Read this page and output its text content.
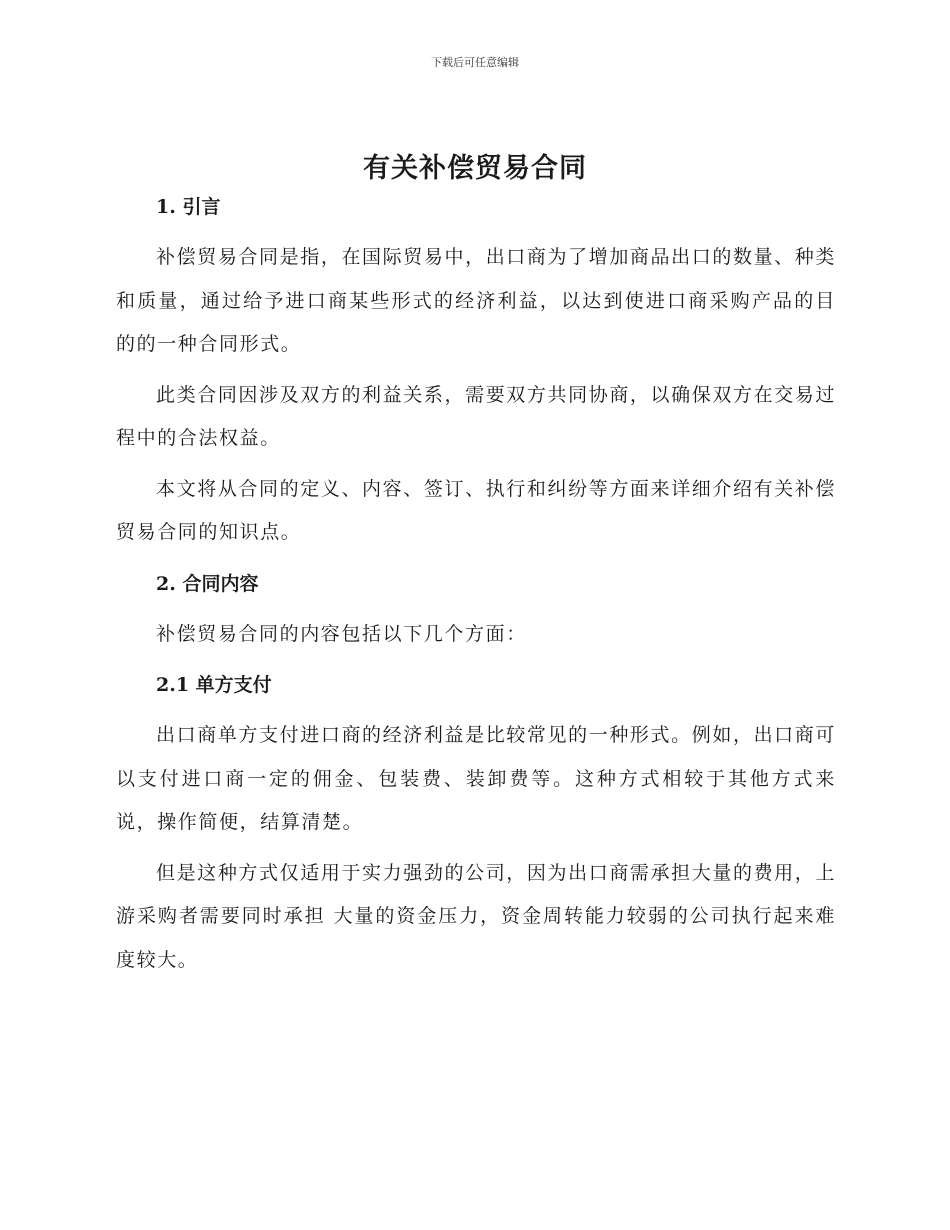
下载后可任意编辑
有关补偿贸易合同
1. 引言

补偿贸易合同是指，在国际贸易中，出口商为了增加商品出口的数量、种类和质量，通过给予进口商某些形式的经济利益，以达到使进口商采购产品的目的的一种合同形式。

此类合同因涉及双方的利益关系，需要双方共同协商，以确保双方在交易过程中的合法权益。

本文将从合同的定义、内容、签订、执行和纠纷等方面来详细介绍有关补偿贸易合同的知识点。

2. 合同内容

补偿贸易合同的内容包括以下几个方面：

2.1 单方支付

出口商单方支付进口商的经济利益是比较常见的一种形式。例如，出口商可以支付进口商一定的佣金、包装费、装卸费等。这种方式相较于其他方式来说，操作简便，结算清楚。

但是这种方式仅适用于实力强劲的公司，因为出口商需承担大量的费用，上游采购者需要同时承担 大量的资金压力，资金周转能力较弱的公司执行起来难度较大。
